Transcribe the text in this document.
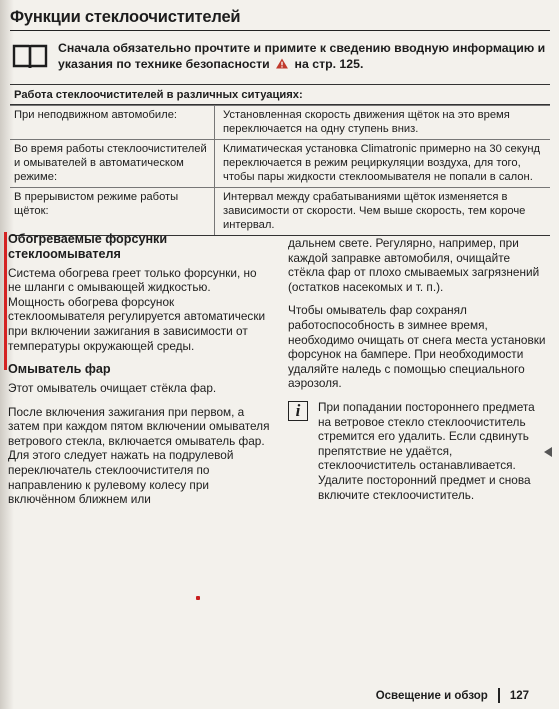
Функции стеклоочистителей
Сначала обязательно прочтите и примите к сведению вводную информацию и указания по технике безопасности на стр. 125.
Работа стеклоочистителей в различных ситуациях:
При неподвижном автомобиле:	Установленная скорость движения щёток на это время переключается на одну ступень вниз.
Во время работы стеклоочистителей и омывателей в автоматическом режиме:
Климатическая установка Climatronic примерно на 30 секунд переключается в режим рециркуляции воздуха, для того, чтобы пары жидкости стеклоомывателя не попали в салон.
В прерывистом режиме работы щёток:
Интервал между срабатываниями щёток изменяется в зависимости от скорости. Чем выше скорость, тем короче интервал.
Обогреваемые форсунки стеклоомывателя

Система обогрева греет только форсунки, но не шланги с омывающей жидкостью. Мощность обогрева форсунок стеклоомывателя регулируется автоматически при включении зажигания в зависимости от температуры окружающей среды.

Омыватель фар

Этот омыватель очищает стёкла фар.

После включения зажигания при первом, а затем при каждом пятом включении омывателя ветрового стекла, включается омыватель фар. Для этого следует нажать на подрулевой переключатель стеклоочистителя по направлению к рулевому колесу при включённом ближнем или

дальнем свете. Регулярно, например, при каждой заправке автомобиля, очищайте стёкла фар от плохо смываемых загрязнений (остатков насекомых и т. п.).

Чтобы омыватель фар сохранял работоспособность в зимнее время, необходимо очищать от снега места установки форсунок на бампере. При необходимости удаляйте наледь с помощью специального аэрозоля.

i	При попадании постороннего предмета на ветровое стекло стеклоочиститель стремится его удалить. Если сдвинуть препятствие не удаётся, стеклоочиститель останавливается. Удалите посторонний предмет и снова включите стеклоочиститель.
Освещение и обзор 127
